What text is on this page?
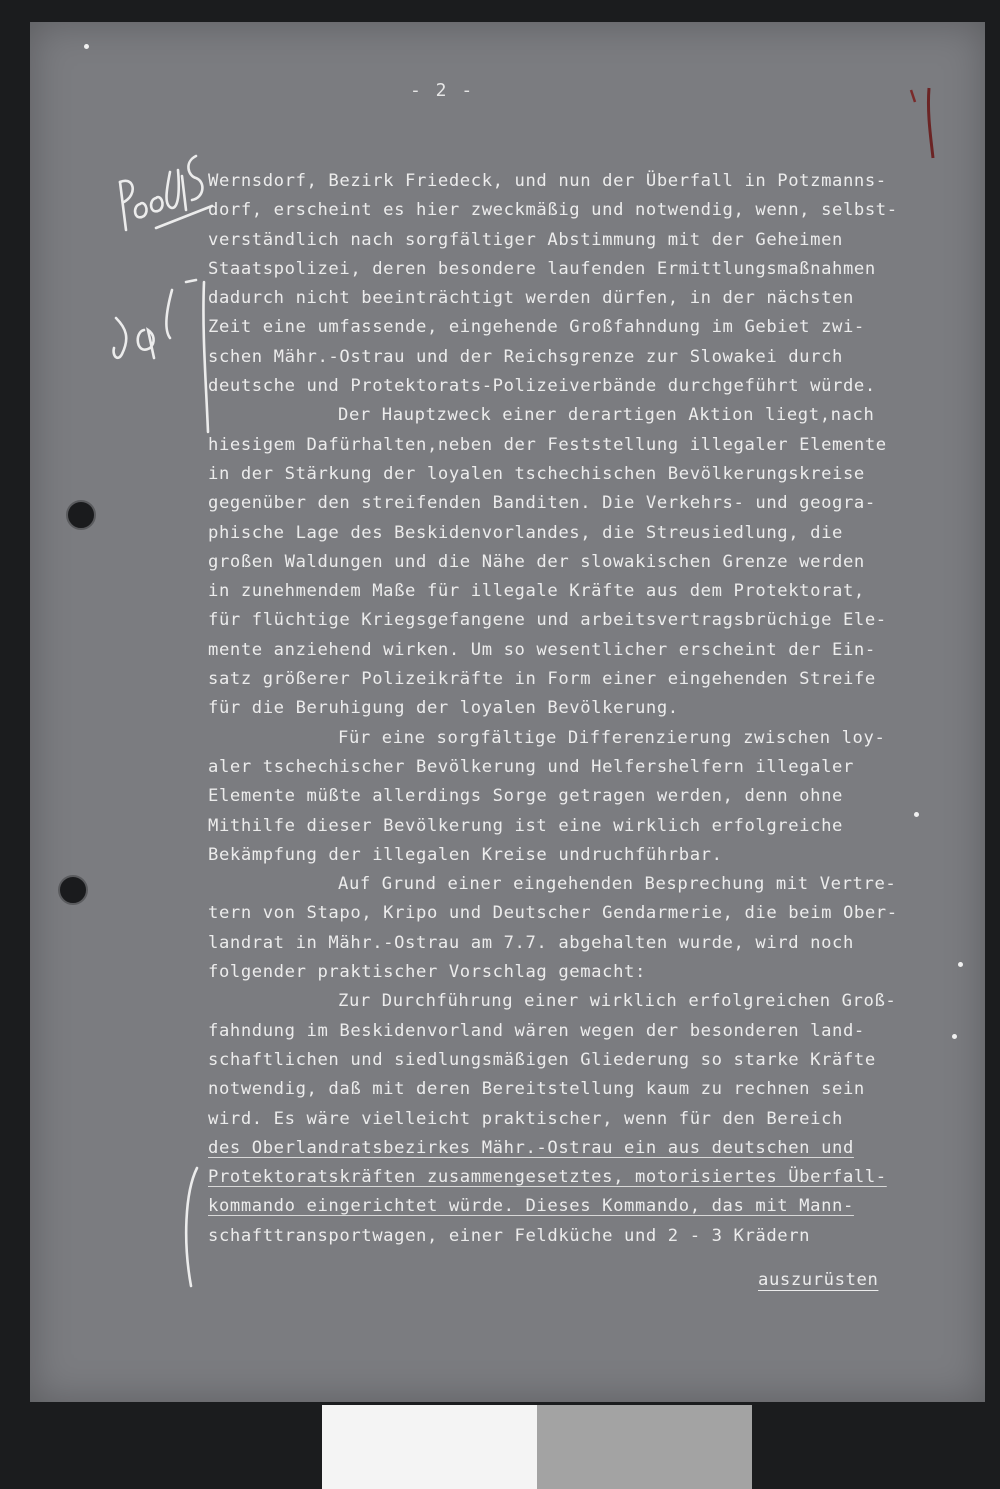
- 2 -
Wernsdorf, Bezirk Friedeck, und nun der Überfall in Potzmanns-
dorf, erscheint es hier zweckmäßig und notwendig, wenn, selbst-
verständlich nach sorgfältiger Abstimmung mit der Geheimen
Staatspolizei, deren besondere laufenden Ermittlungsmaßnahmen
dadurch nicht beeinträchtigt werden dürfen, in der nächsten
Zeit eine umfassende, eingehende Großfahndung im Gebiet zwi-
schen Mähr.-Ostrau und der Reichsgrenze zur Slowakei durch
deutsche und Protektorats-Polizeiverbände durchgeführt würde.
Der Hauptzweck einer derartigen Aktion liegt,nach
hiesigem Dafürhalten,neben der Feststellung illegaler Elemente
in der Stärkung der loyalen tschechischen Bevölkerungskreise
gegenüber den streifenden Banditen. Die Verkehrs- und geogra-
phische Lage des Beskidenvorlandes, die Streusiedlung, die
großen Waldungen und die Nähe der slowakischen Grenze werden
in zunehmendem Maße für illegale Kräfte aus dem Protektorat,
für flüchtige Kriegsgefangene und arbeitsvertragsbrüchige Ele-
mente anziehend wirken. Um so wesentlicher erscheint der Ein-
satz größerer Polizeikräfte in Form einer eingehenden Streife
für die Beruhigung der loyalen Bevölkerung.
Für eine sorgfältige Differenzierung zwischen loy-
aler tschechischer Bevölkerung und Helfershelfern illegaler
Elemente müßte allerdings Sorge getragen werden, denn ohne
Mithilfe dieser Bevölkerung ist eine wirklich erfolgreiche
Bekämpfung der illegalen Kreise undruchführbar.
Auf Grund einer eingehenden Besprechung mit Vertre-
tern von Stapo, Kripo und Deutscher Gendarmerie, die beim Ober-
landrat in Mähr.-Ostrau am 7.7. abgehalten wurde, wird noch
folgender praktischer Vorschlag gemacht:
Zur Durchführung einer wirklich erfolgreichen Groß-
fahndung im Beskidenvorland wären wegen der besonderen land-
schaftlichen und siedlungsmäßigen Gliederung so starke Kräfte
notwendig, daß mit deren Bereitstellung kaum zu rechnen sein
wird. Es wäre vielleicht praktischer, wenn für den Bereich
des Oberlandratsbezirkes Mähr.-Ostrau ein aus deutschen und
Protektoratskräften zusammengesetztes, motorisiertes Überfall-
kommando eingerichtet würde. Dieses Kommando, das mit Mann-
schafttransportwagen, einer Feldküche und 2 - 3 Krädern
auszurüsten
